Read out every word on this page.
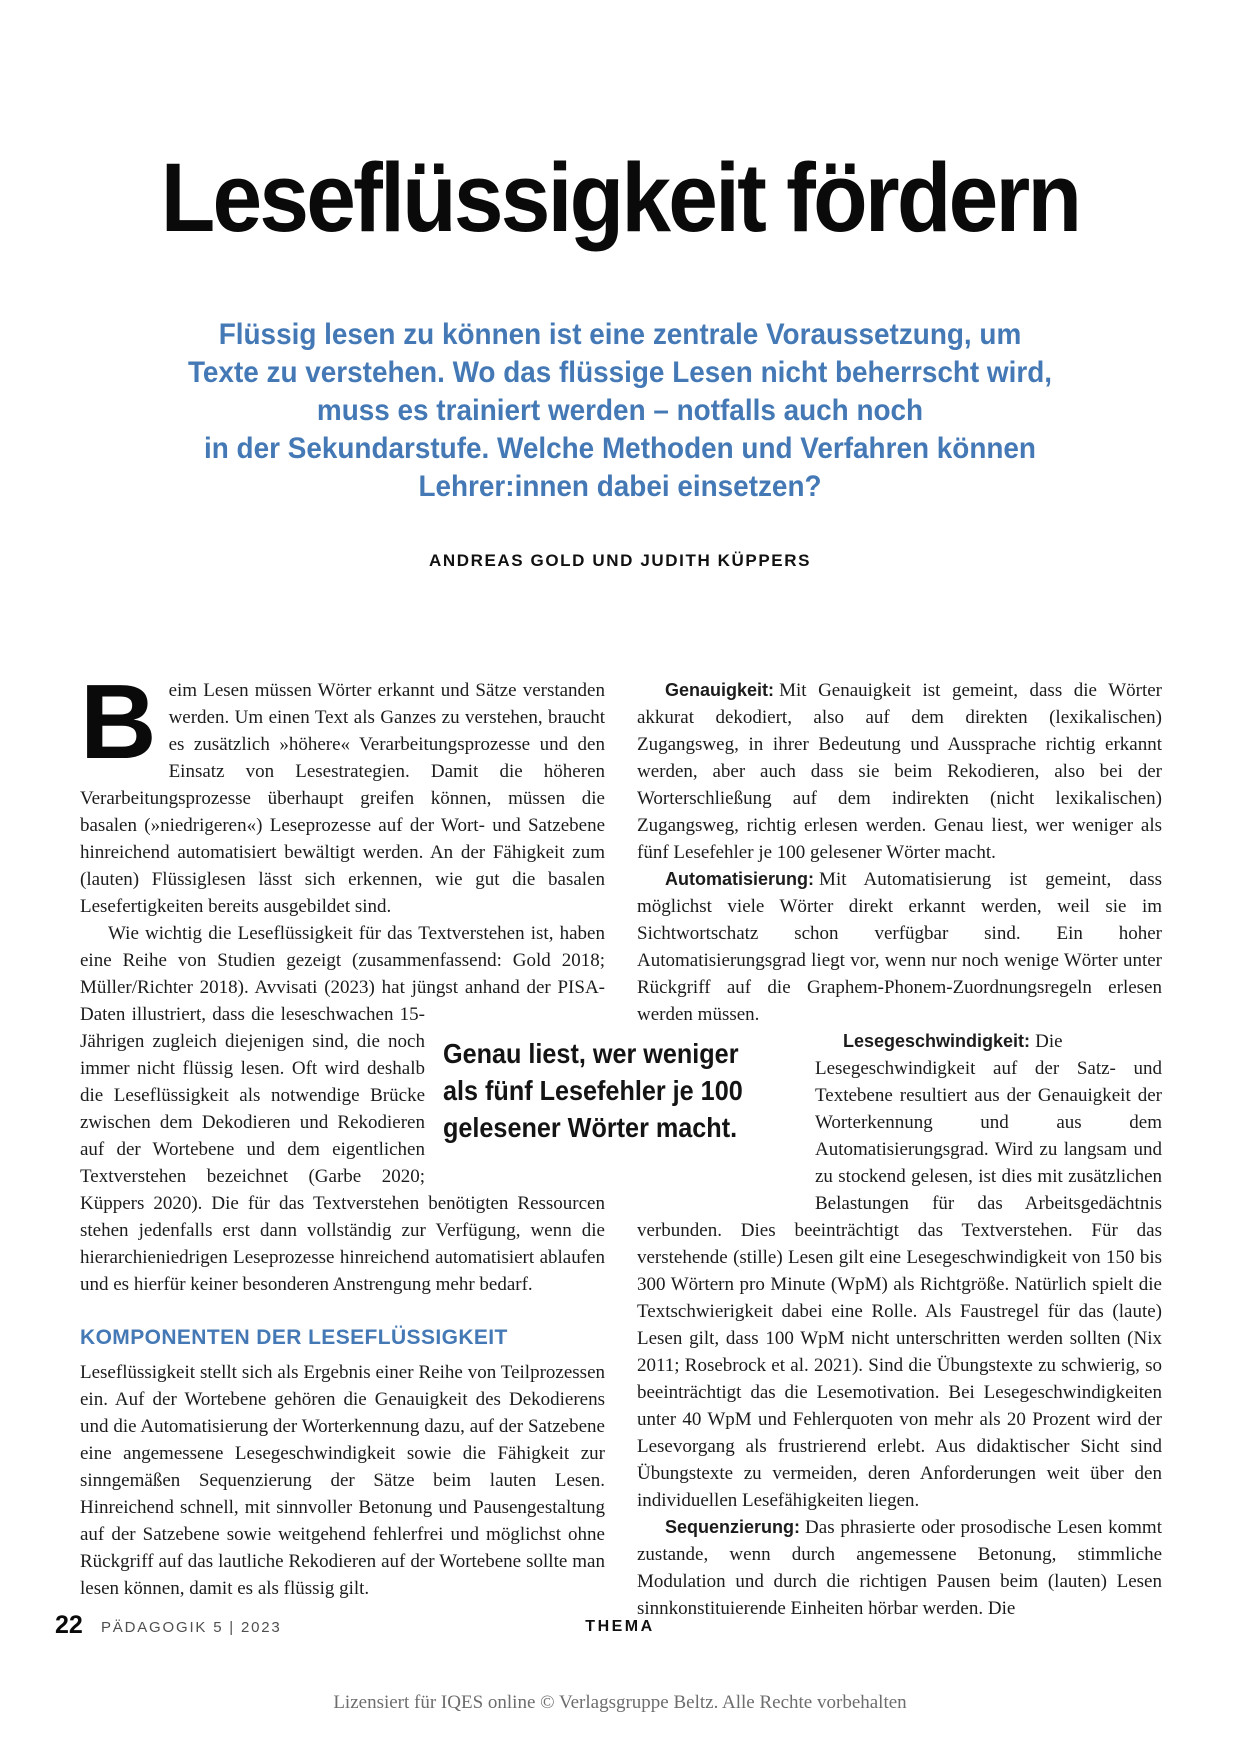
Leseflüssigkeit fördern
Flüssig lesen zu können ist eine zentrale Voraussetzung, um
Texte zu verstehen. Wo das flüssige Lesen nicht beherrscht wird,
muss es trainiert werden – notfalls auch noch
in der Sekundarstufe. Welche Methoden und Verfahren können
Lehrer:innen dabei einsetzen?
ANDREAS GOLD UND JUDITH KÜPPERS

Beim Lesen müssen Wörter erkannt und Sätze verstanden werden. Um einen Text als Ganzes zu verstehen, braucht es zusätzlich »höhere« Verarbeitungsprozesse und den Einsatz von Lesestrategien. Damit die höheren Verarbeitungsprozesse überhaupt greifen können, müssen die basalen (»niedrigeren«) Leseprozesse auf der Wort- und Satzebene hinreichend automatisiert bewältigt werden. An der Fähigkeit zum (lauten) Flüssiglesen lässt sich erkennen, wie gut die basalen Lesefertigkeiten bereits ausgebildet sind.

Wie wichtig die Leseflüssigkeit für das Textverstehen ist, haben eine Reihe von Studien gezeigt (zusammenfassend: Gold 2018; Müller/Richter 2018). Avvisati (2023) hat jüngst anhand der PISA-Daten illustriert, dass die leseschwachen 15-Jährigen zugleich diejenigen sind, die noch immer nicht flüssig lesen. Oft wird deshalb die Leseflüssigkeit als notwendige Brücke zwischen dem Dekodieren und Rekodieren auf der Wortebene und dem eigentlichen Textverstehen bezeichnet (Garbe 2020; Küppers 2020). Die für das Textverstehen benötigten Ressourcen stehen jedenfalls erst dann vollständig zur Verfügung, wenn die hierarchieniedrigen Leseprozesse hinreichend automatisiert ablaufen und es hierfür keiner besonderen Anstrengung mehr bedarf.

KOMPONENTEN DER LESEFLÜSSIGKEIT

Leseflüssigkeit stellt sich als Ergebnis einer Reihe von Teilprozessen ein. Auf der Wortebene gehören die Genauigkeit des Dekodierens und die Automatisierung der Worterkennung dazu, auf der Satzebene eine angemessene Lesegeschwindigkeit sowie die Fähigkeit zur sinngemäßen Sequenzierung der Sätze beim lauten Lesen. Hinreichend schnell, mit sinnvoller Betonung und Pausengestaltung auf der Satzebene sowie weitgehend fehlerfrei und möglichst ohne Rückgriff auf das lautliche Rekodieren auf der Wortebene sollte man lesen können, damit es als flüssig gilt.

Genauigkeit: Mit Genauigkeit ist gemeint, dass die Wörter akkurat dekodiert, also auf dem direkten (lexikalischen) Zugangsweg, in ihrer Bedeutung und Aussprache richtig erkannt werden, aber auch dass sie beim Rekodieren, also bei der Worterschließung auf dem indirekten (nicht lexikalischen) Zugangsweg, richtig erlesen werden. Genau liest, wer weniger als fünf Lesefehler je 100 gelesener Wörter macht.

Automatisierung: Mit Automatisierung ist gemeint, dass möglichst viele Wörter direkt erkannt werden, weil sie im Sichtwortschatz schon verfügbar sind. Ein hoher Automatisierungsgrad liegt vor, wenn nur noch wenige Wörter unter Rückgriff auf die Graphem-Phonem-Zuordnungsregeln erlesen werden müssen.

Lesegeschwindigkeit: Die Lesegeschwindigkeit auf der Satz- und Textebene resultiert aus der Genauigkeit der Worterkennung und aus dem Automatisierungsgrad. Wird zu langsam und zu stockend gelesen, ist dies mit zusätzlichen Belastungen für das Arbeitsgedächtnis verbunden. Dies beeinträchtigt das Textverstehen. Für das verstehende (stille) Lesen gilt eine Lesegeschwindigkeit von 150 bis 300 Wörtern pro Minute (WpM) als Richtgröße. Natürlich spielt die Textschwierigkeit dabei eine Rolle. Als Faustregel für das (laute) Lesen gilt, dass 100 WpM nicht unterschritten werden sollten (Nix 2011; Rosebrock et al. 2021). Sind die Übungstexte zu schwierig, so beeinträchtigt das die Lesemotivation. Bei Lesegeschwindigkeiten unter 40 WpM und Fehlerquoten von mehr als 20 Prozent wird der Lesevorgang als frustrierend erlebt. Aus didaktischer Sicht sind Übungstexte zu vermeiden, deren Anforderungen weit über den individuellen Lesefähigkeiten liegen.

Sequenzierung: Das phrasierte oder prosodische Lesen kommt zustande, wenn durch angemessene Betonung, stimmliche Modulation und durch die richtigen Pausen beim (lauten) Lesen sinnkonstituierende Einheiten hörbar werden. Die

Genau liest, wer weniger
als fünf Lesefehler je 100
gelesener Wörter macht.
22 PÄDAGOGIK 5 | 2023	THEMA
Lizensiert für IQES online © Verlagsgruppe Beltz. Alle Rechte vorbehalten
